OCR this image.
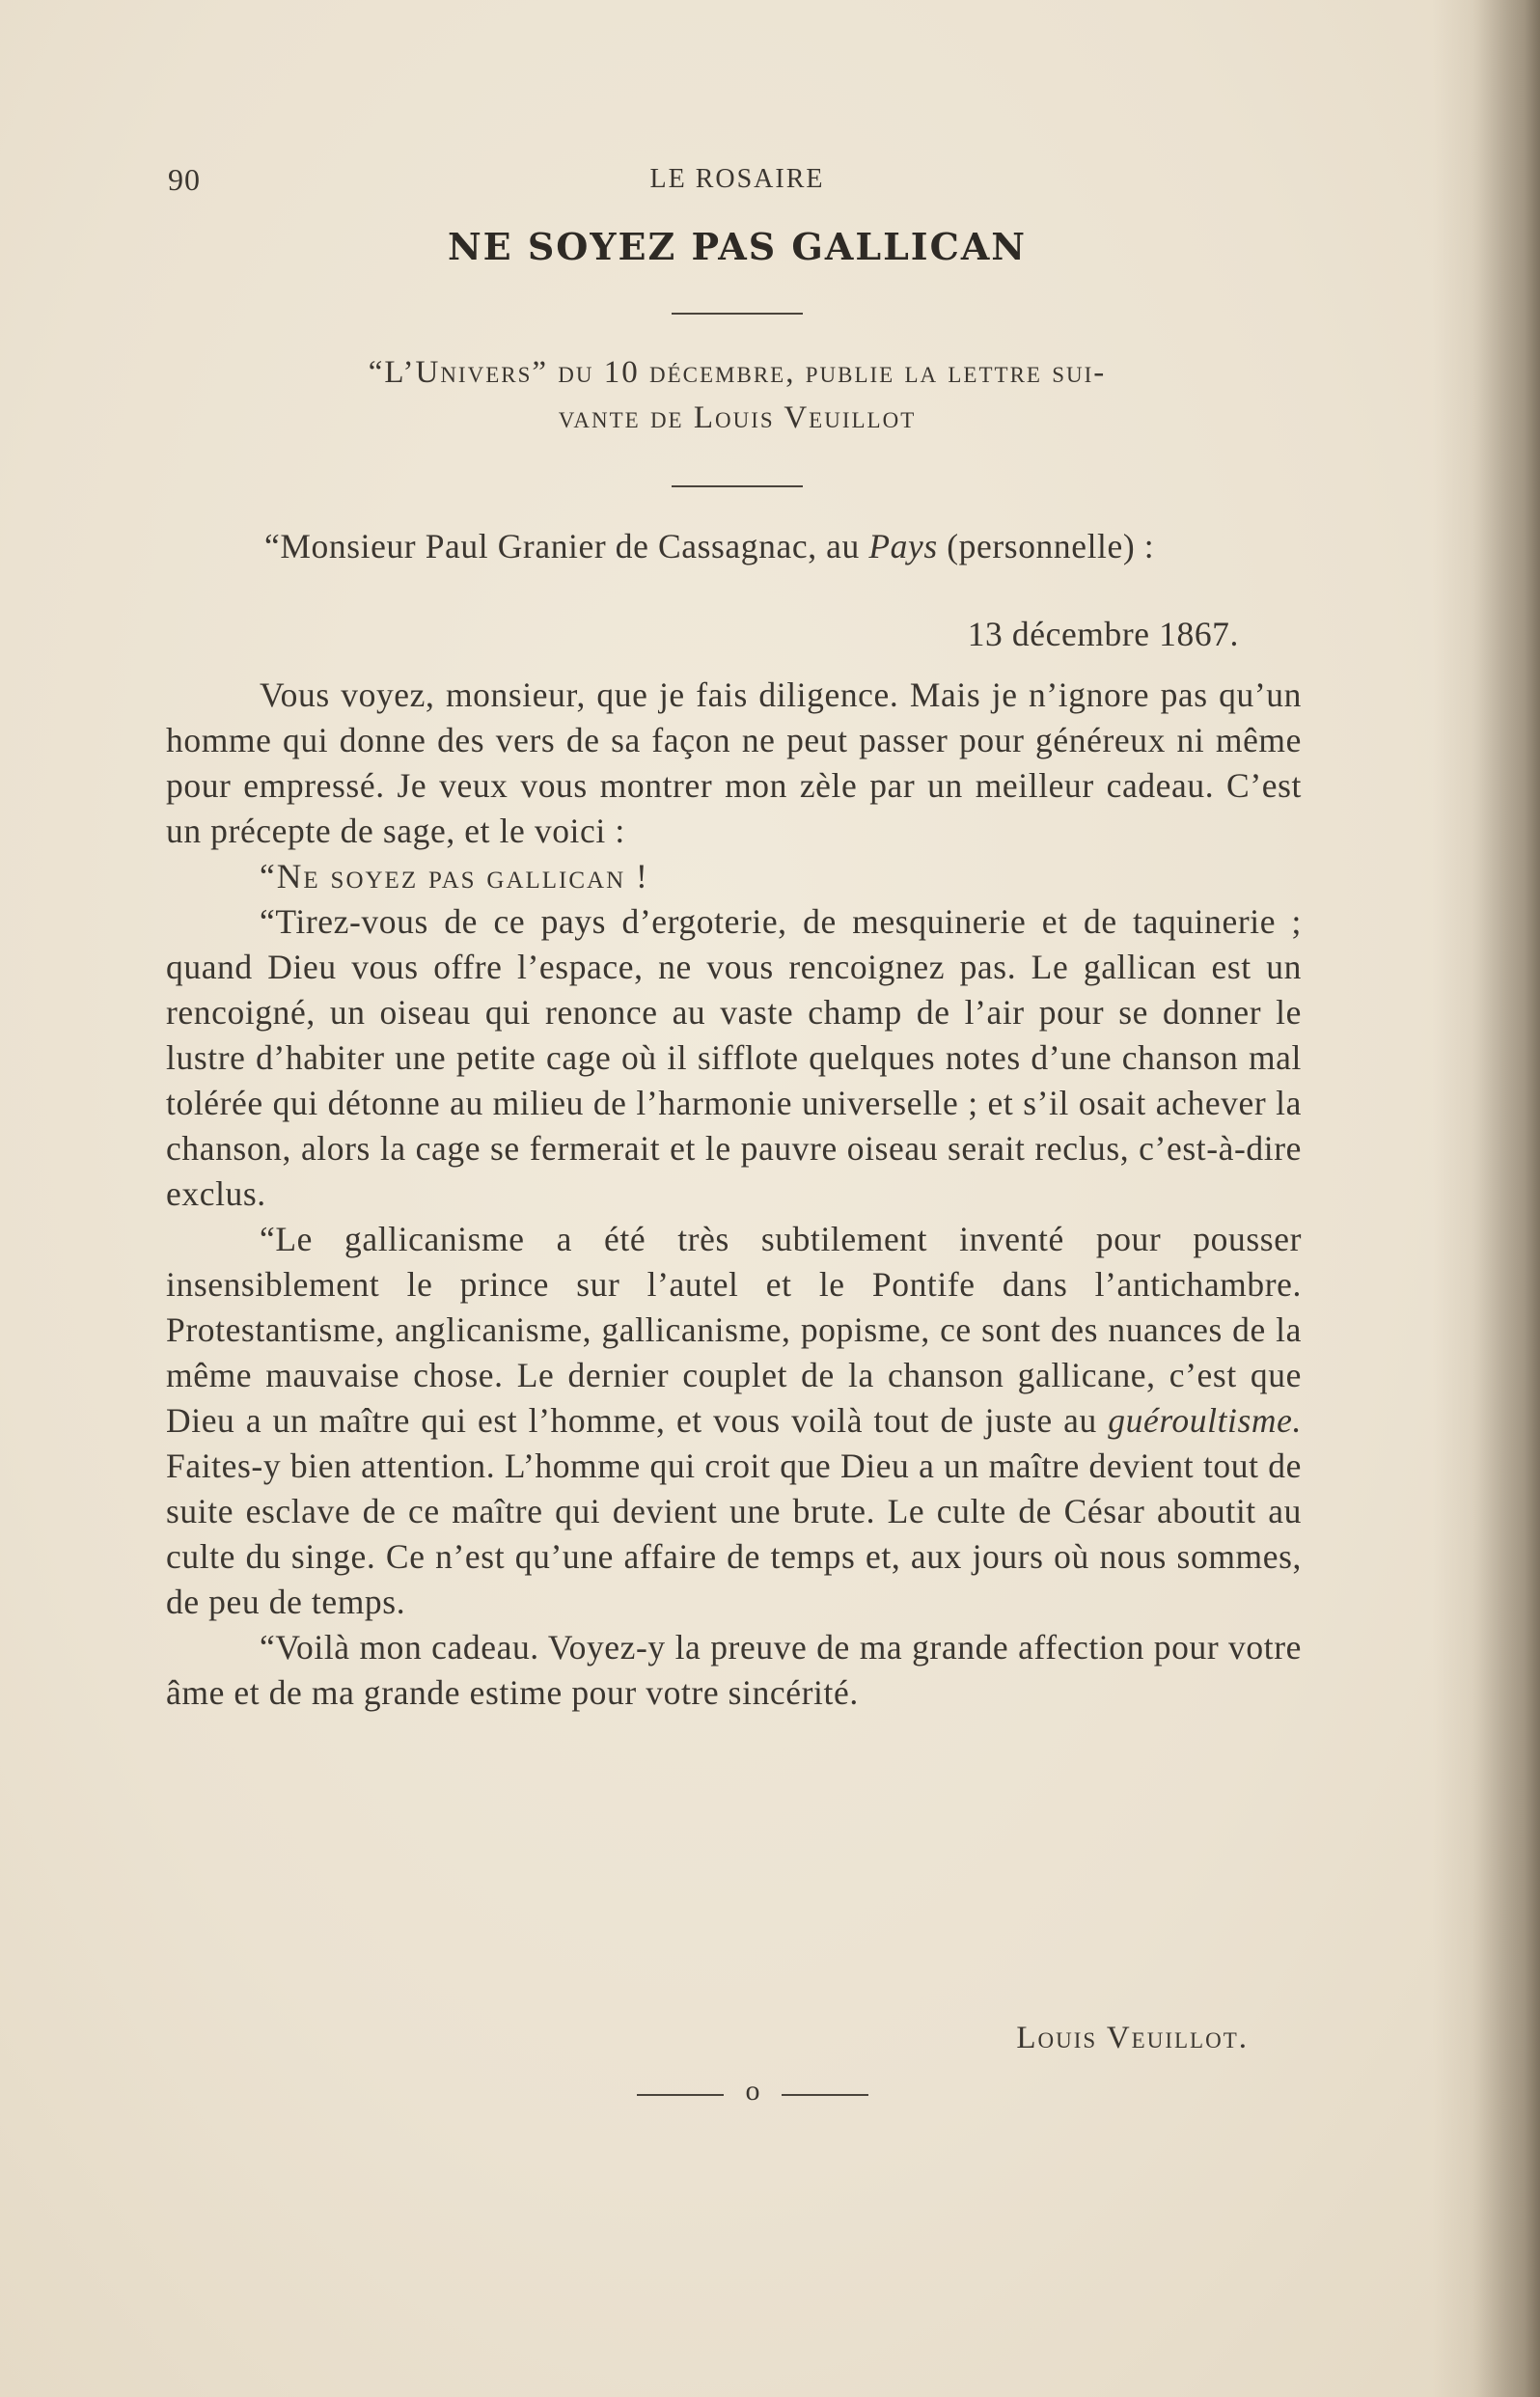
90	LE ROSAIRE
NE SOYEZ PAS GALLICAN
“L’Univers” du 10 décembre, publie la lettre sui-
vante de Louis Veuillot
“Monsieur Paul Granier de Cassagnac, au Pays (personnelle) :
13 décembre 1867.

Vous voyez, monsieur, que je fais diligence. Mais je n’ignore pas qu’un homme qui donne des vers de sa façon ne peut passer pour généreux ni même pour empressé. Je veux vous montrer mon zèle par un meilleur cadeau. C’est un précepte de sage, et le voici :

“Ne soyez pas gallican !

“Tirez-vous de ce pays d’ergoterie, de mesquinerie et de taquinerie ; quand Dieu vous offre l’espace, ne vous rencoignez pas. Le gallican est un rencoigné, un oiseau qui renonce au vaste champ de l’air pour se donner le lustre d’habiter une petite cage où il sifflote quelques notes d’une chanson mal tolérée qui détonne au milieu de l’harmonie universelle ; et s’il osait achever la chanson, alors la cage se fermerait et le pauvre oiseau serait reclus, c’est-à-dire exclus.

“Le gallicanisme a été très subtilement inventé pour pousser insensiblement le prince sur l’autel et le Pontife dans l’antichambre. Protestantisme, anglicanisme, gallicanisme, popisme, ce sont des nuances de la même mauvaise chose. Le dernier couplet de la chanson gallicane, c’est que Dieu a un maître qui est l’homme, et vous voilà tout de juste au guéroultisme. Faites-y bien attention. L’homme qui croit que Dieu a un maître devient tout de suite esclave de ce maître qui devient une brute. Le culte de César aboutit au culte du singe. Ce n’est qu’une affaire de temps et, aux jours où nous sommes, de peu de temps.

“Voilà mon cadeau. Voyez-y la preuve de ma grande affection pour votre âme et de ma grande estime pour votre sincérité.

Louis Veuillot.
o
